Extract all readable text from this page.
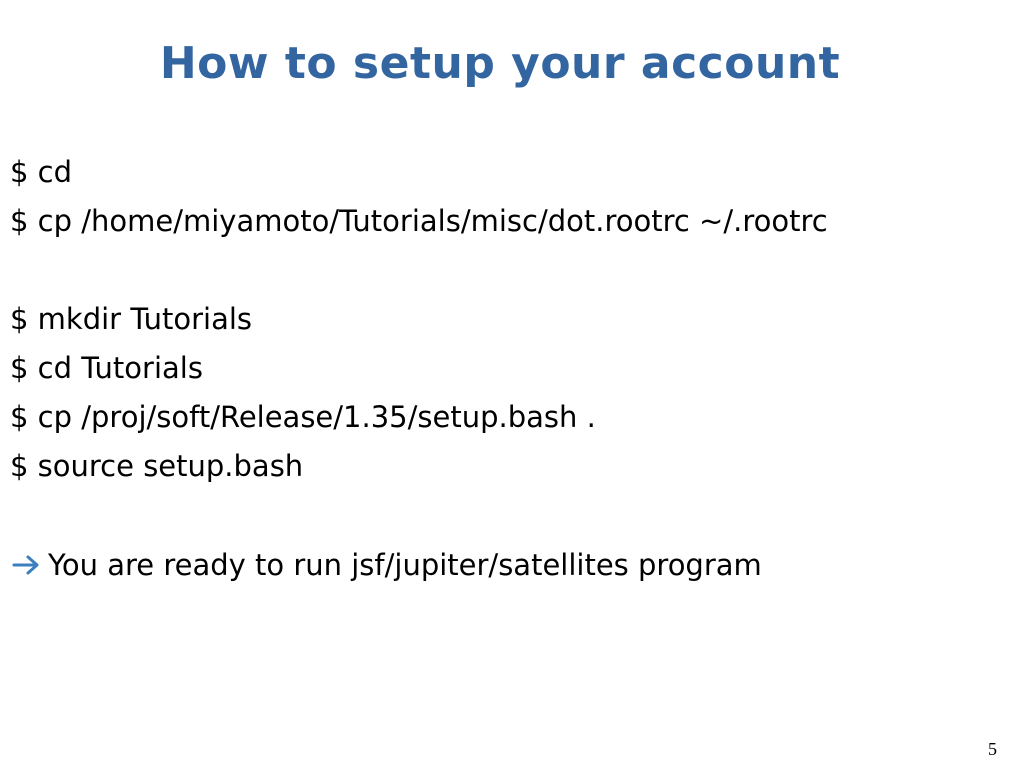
How to setup your account
$ cd
$ cp /home/miyamoto/Tutorials/misc/dot.rootrc ~/.rootrc
$ mkdir Tutorials
$ cd Tutorials
$ cp /proj/soft/Release/1.35/setup.bash .
$ source setup.bash
You are ready to run jsf/jupiter/satellites program
5
